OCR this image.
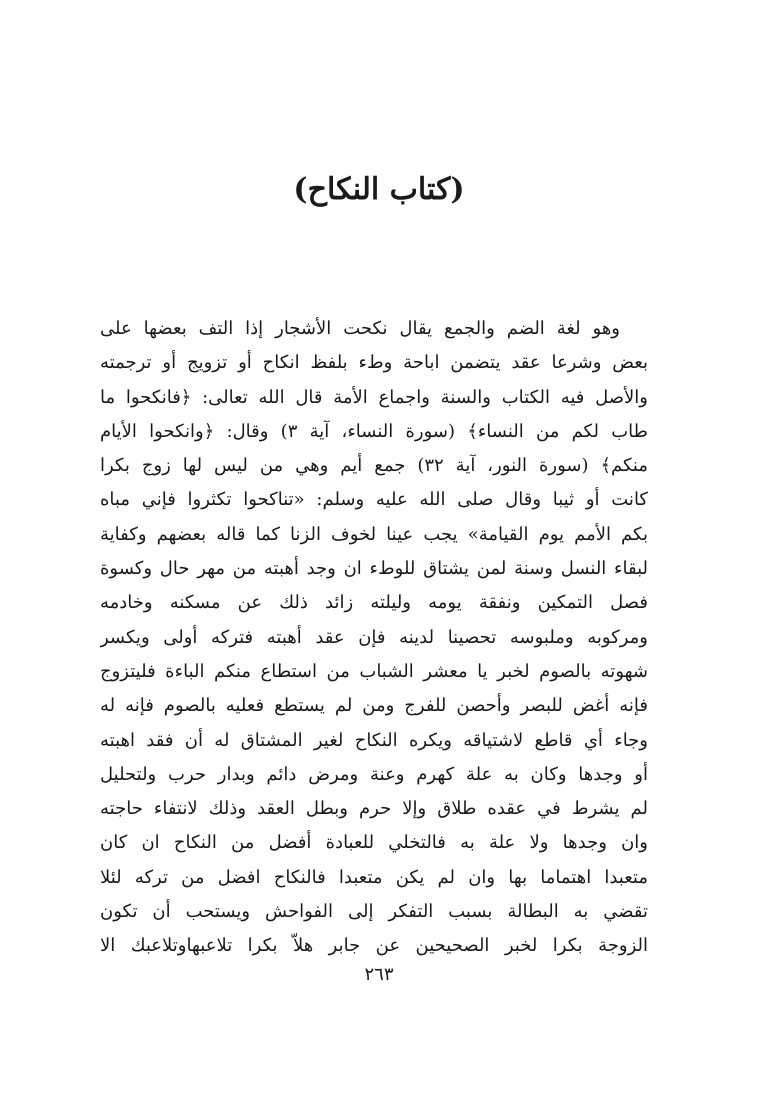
(كتاب النكاح)
وهو لغة الضم والجمع يقال نكحت الأشجار إذا التف بعضها على
بعض وشرعا عقد يتضمن اباحة وطء بلفظ انكاح أو تزويج أو ترجمته
والأصل فيه الكتاب والسنة واجماع الأمة قال الله تعالى: ﴿فانكحوا ما
طاب لكم من النساء﴾ (سورة النساء، آية ٣) وقال: ﴿وانكحوا الأيام
منكم﴾ (سورة النور، آية ٣٢) جمع أيم وهي من ليس لها زوج بكرا
كانت أو ثيبا وقال صلى الله عليه وسلم: «تناكحوا تكثروا فإني مباه
بكم الأمم يوم القيامة» يجب عينا لخوف الزنا كما قاله بعضهم وكفاية
لبقاء النسل وسنة لمن يشتاق للوطء ان وجد أهبته من مهر حال وكسوة
فصل التمكين ونفقة يومه وليلته زائد ذلك عن مسكنه وخادمه
ومركوبه وملبوسه تحصينا لدينه فإن عقد أهبته فتركه أولى ويكسر
شهوته بالصوم لخبر يا معشر الشباب من استطاع منكم الباءة فليتزوج
فإنه أغض للبصر وأحصن للفرج ومن لم يستطع فعليه بالصوم فإنه له
وجاء أي قاطع لاشتياقه ويكره النكاح لغير المشتاق له أن فقد اهبته
أو وجدها وكان به علة كهرم وعنة ومرض دائم وبدار حرب ولتحليل
لم يشرط في عقده طلاق وإلا حرم وبطل العقد وذلك لانتفاء حاجته
وان وجدها ولا علة به فالتخلي للعبادة أفضل من النكاح ان كان
متعبدا اهتماما بها وان لم يكن متعبدا فالنكاح افضل من تركه لئلا
تقضي به البطالة بسبب التفكر إلى الفواحش ويستحب أن تكون
الزوجة بكرا لخبر الصحيحين عن جابر هلاّ بكرا تلاعبهاوتلاعبك الا
٢٦٣
